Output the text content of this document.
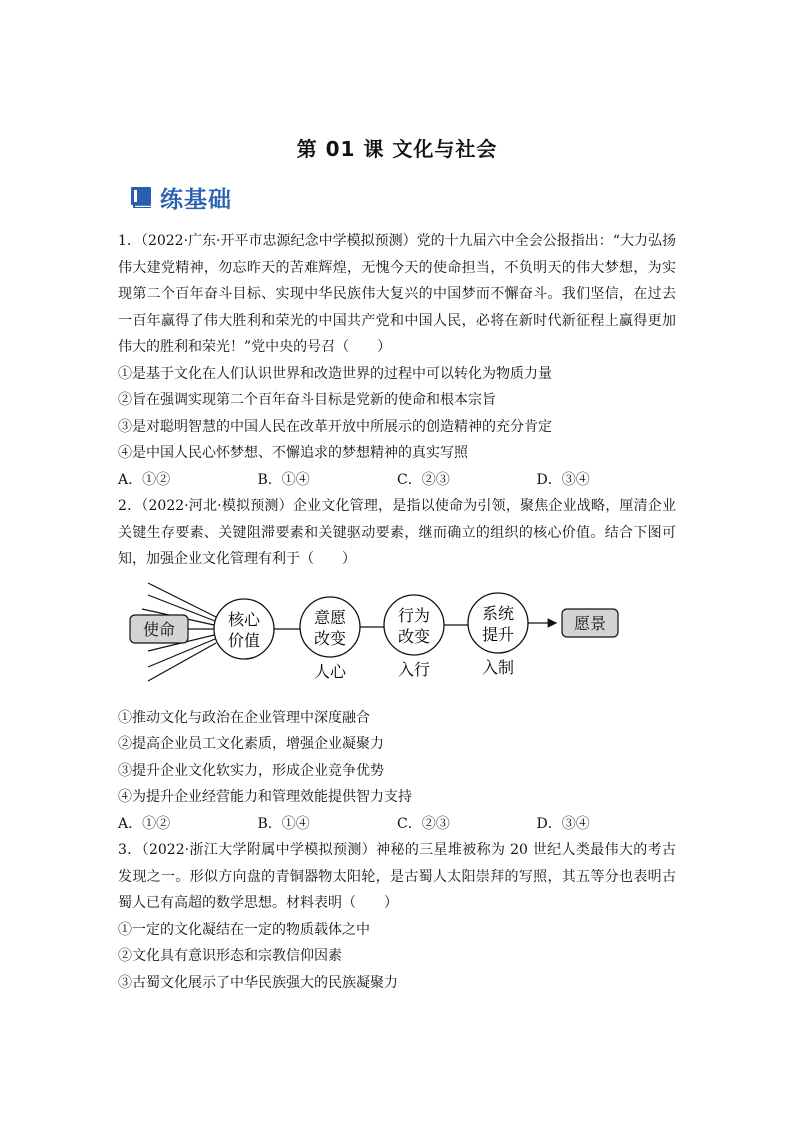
第 01 课 文化与社会
练基础

1．（2022·广东·开平市忠源纪念中学模拟预测）党的十九届六中全会公报指出：“大力弘扬伟大建党精神，勿忘昨天的苦难辉煌，无愧今天的使命担当，不负明天的伟大梦想，为实现第二个百年奋斗目标、实现中华民族伟大复兴的中国梦而不懈奋斗。我们坚信，在过去一百年赢得了伟大胜利和荣光的中国共产党和中国人民，必将在新时代新征程上赢得更加伟大的胜利和荣光！”党中央的号召（　　）

①是基于文化在人们认识世界和改造世界的过程中可以转化为物质力量

②旨在强调实现第二个百年奋斗目标是党新的使命和根本宗旨

③是对聪明智慧的中国人民在改革开放中所展示的创造精神的充分肯定

④是中国人民心怀梦想、不懈追求的梦想精神的真实写照

A．①②	B．①④	C．②③	D．③④

2．（2022·河北·模拟预测）企业文化管理，是指以使命为引领，聚焦企业战略，厘清企业关键生存要素、关键阻滞要素和关键驱动要素，继而确立的组织的核心价值。结合下图可知，加强企业文化管理有利于（　　）

使命
核心
价值
意愿
改变
人心
行为
改变
入行
系统
提升
入制
愿景

①推动文化与政治在企业管理中深度融合

②提高企业员工文化素质，增强企业凝聚力

③提升企业文化软实力，形成企业竞争优势

④为提升企业经营能力和管理效能提供智力支持

A．①②	B．①④	C．②③	D．③④

3．（2022·浙江大学附属中学模拟预测）神秘的三星堆被称为 20 世纪人类最伟大的考古发现之一。形似方向盘的青铜器物太阳轮，是古蜀人太阳崇拜的写照，其五等分也表明古蜀人已有高超的数学思想。材料表明（　　）

①一定的文化凝结在一定的物质载体之中

②文化具有意识形态和宗教信仰因素

③古蜀文化展示了中华民族强大的民族凝聚力
